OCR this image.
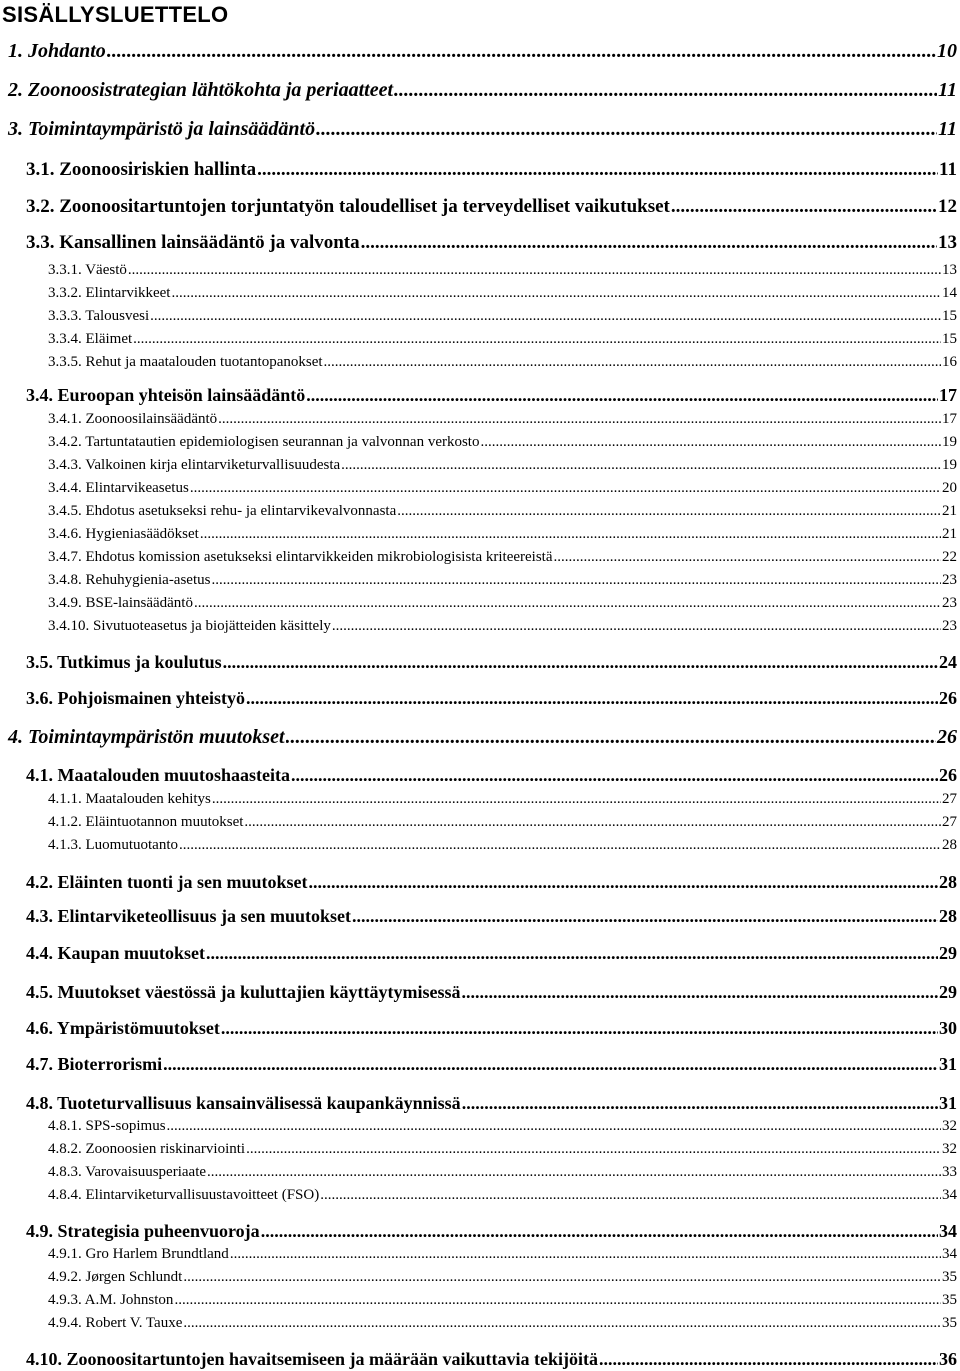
SISÄLLYSLUETTELO
1. Johdanto .....	10
2. Zoonoosistrategian lähtökohta ja periaatteet .....	11
3. Toimintaympäristö ja lainsäädäntö .....	11
3.1. Zoonoosiriskien hallinta .....	11
3.2. Zoonoositartuntojen torjuntatyön taloudelliset ja terveydelliset vaikutukset .....	12
3.3. Kansallinen lainsäädäntö ja valvonta .....	13
3.3.1. Väestö .....	13
3.3.2. Elintarvikkeet .....	14
3.3.3. Talousvesi .....	15
3.3.4. Eläimet .....	15
3.3.5. Rehut ja maatalouden tuotantopanokset .....	16
3.4. Euroopan yhteisön lainsäädäntö .....	17
3.4.1. Zoonoosilainsäädäntö .....	17
3.4.2. Tartuntatautien epidemiologisen seurannan ja valvonnan verkosto .....	19
3.4.3. Valkoinen kirja elintarviketurvallisuudesta .....	19
3.4.4. Elintarvikeasetus .....	20
3.4.5. Ehdotus asetukseksi rehu- ja elintarvikevalvonnasta .....	21
3.4.6. Hygieniasäädökset .....	21
3.4.7. Ehdotus komission asetukseksi elintarvikkeiden mikrobiologisista kriteereistä .....	22
3.4.8. Rehuhygienia-asetus .....	23
3.4.9. BSE-lainsäädäntö .....	23
3.4.10. Sivutuoteasetus ja biojätteiden käsittely .....	23
3.5. Tutkimus ja koulutus .....	24
3.6. Pohjoismainen yhteistyö .....	26
4. Toimintaympäristön muutokset .....	26
4.1. Maatalouden muutoshaasteita .....	26
4.1.1. Maatalouden kehitys .....	27
4.1.2. Eläintuotannon muutokset .....	27
4.1.3. Luomutuotanto .....	28
4.2. Eläinten tuonti ja sen muutokset .....	28
4.3. Elintarviketeollisuus ja sen muutokset .....	28
4.4. Kaupan muutokset .....	29
4.5. Muutokset väestössä ja kuluttajien käyttäytymisessä .....	29
4.6. Ympäristömuutokset .....	30
4.7. Bioterrorismi .....	31
4.8. Tuoteturvallisuus kansainvälisessä kaupankäynnissä .....	31
4.8.1. SPS-sopimus .....	32
4.8.2. Zoonoosien riskinarviointi .....	32
4.8.3. Varovaisuusperiaate .....	33
4.8.4. Elintarviketurvallisuustavoitteet (FSO) .....	34
4.9. Strategisia puheenvuoroja .....	34
4.9.1. Gro Harlem Brundtland .....	34
4.9.2. Jørgen Schlundt .....	35
4.9.3. A.M. Johnston .....	35
4.9.4. Robert V. Tauxe .....	35
4.10. Zoonoositartuntojen havaitsemiseen ja määrään vaikuttavia tekijöitä .....	36
